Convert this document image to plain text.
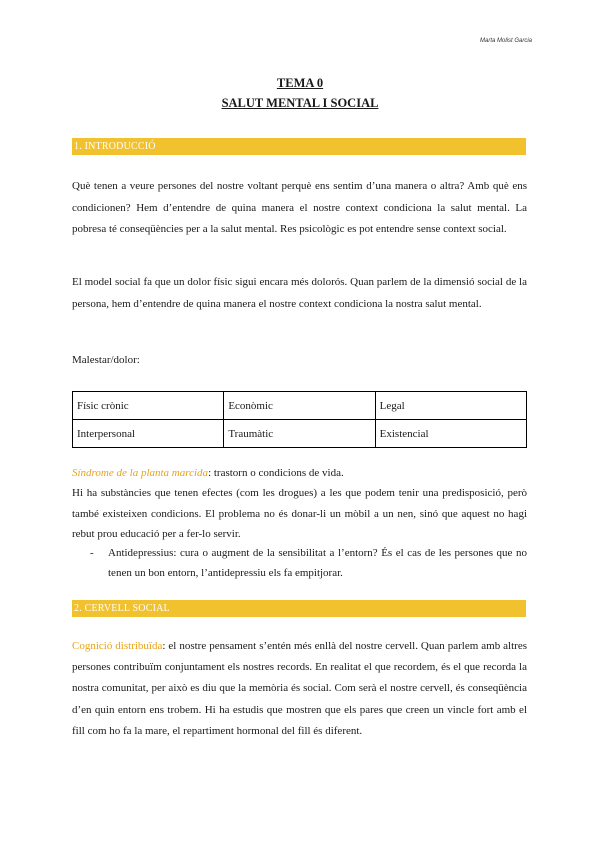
Marta Molist Garcia
TEMA 0
SALUT MENTAL I SOCIAL
1. INTRODUCCIÓ

Què tenen a veure persones del nostre voltant perquè ens sentim d’una manera o altra? Amb què ens condicionen? Hem d’entendre de quina manera el nostre context condiciona la salut mental. La pobresa té conseqüències per a la salut mental. Res psicològic es pot entendre sense context social.

El model social fa que un dolor físic sigui encara més dolorós. Quan parlem de la dimensió social de la persona, hem d’entendre de quina manera el nostre context condiciona la nostra salut mental.

Malestar/dolor:

Físic crònic	Econòmic	Legal
Interpersonal	Traumàtic	Existencial

Síndrome de la planta marcida: trastorn o condicions de vida.

Hi ha substàncies que tenen efectes (com les drogues) a les que podem tenir una predisposició, però també existeixen condicions. El problema no és donar-li un mòbil a un nen, sinó que aquest no hagi rebut prou educació per a fer-lo servir.

- Antidepressius: cura o augment de la sensibilitat a l’entorn? És el cas de les persones que no tenen un bon entorn, l’antidepressiu els fa empitjorar.
2. CERVELL SOCIAL

Cognició distribuïda: el nostre pensament s’entén més enllà del nostre cervell. Quan parlem amb altres persones contribuïm conjuntament els nostres records. En realitat el que recordem, és el que recorda la nostra comunitat, per això es diu que la memòria és social. Com serà el nostre cervell, és conseqüència d’en quin entorn ens trobem. Hi ha estudis que mostren que els pares que creen un vincle fort amb el fill com ho fa la mare, el repartiment hormonal del fill és diferent.
